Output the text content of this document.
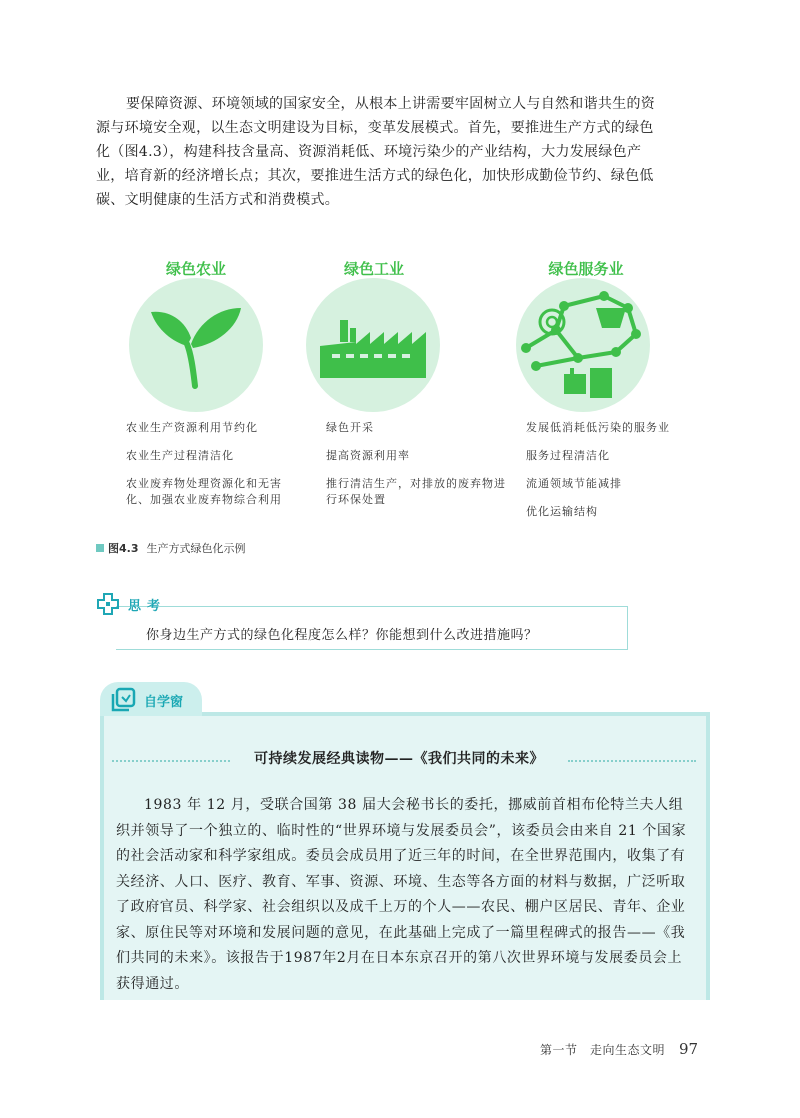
要保障资源、环境领域的国家安全，从根本上讲需要牢固树立人与自然和谐共生的资源与环境安全观，以生态文明建设为目标，变革发展模式。首先，要推进生产方式的绿色化（图4.3），构建科技含量高、资源消耗低、环境污染少的产业结构，大力发展绿色产业，培育新的经济增长点；其次，要推进生活方式的绿色化，加快形成勤俭节约、绿色低碳、文明健康的生活方式和消费模式。

绿色农业
农业生产资源利用节约化
农业生产过程清洁化
农业废弃物处理资源化和无害化、加强农业废弃物综合利用
绿色工业
绿色开采
提高资源利用率
推行清洁生产，对排放的废弃物进行环保处置
绿色服务业
发展低消耗低污染的服务业
服务过程清洁化
流通领域节能减排
优化运输结构
图4.3 生产方式绿色化示例
思考
你身边生产方式的绿色化程度怎么样？你能想到什么改进措施吗？
自学窗
可持续发展经典读物——《我们共同的未来》

1983 年 12 月，受联合国第 38 届大会秘书长的委托，挪威前首相布伦特兰夫人组织并领导了一个独立的、临时性的“世界环境与发展委员会”，该委员会由来自 21 个国家的社会活动家和科学家组成。委员会成员用了近三年的时间，在全世界范围内，收集了有关经济、人口、医疗、教育、军事、资源、环境、生态等各方面的材料与数据，广泛听取了政府官员、科学家、社会组织以及成千上万的个人——农民、棚户区居民、青年、企业家、原住民等对环境和发展问题的意见，在此基础上完成了一篇里程碑式的报告——《我们共同的未来》。该报告于1987年2月在日本东京召开的第八次世界环境与发展委员会上获得通过。

第一节　走向生态文明 97
